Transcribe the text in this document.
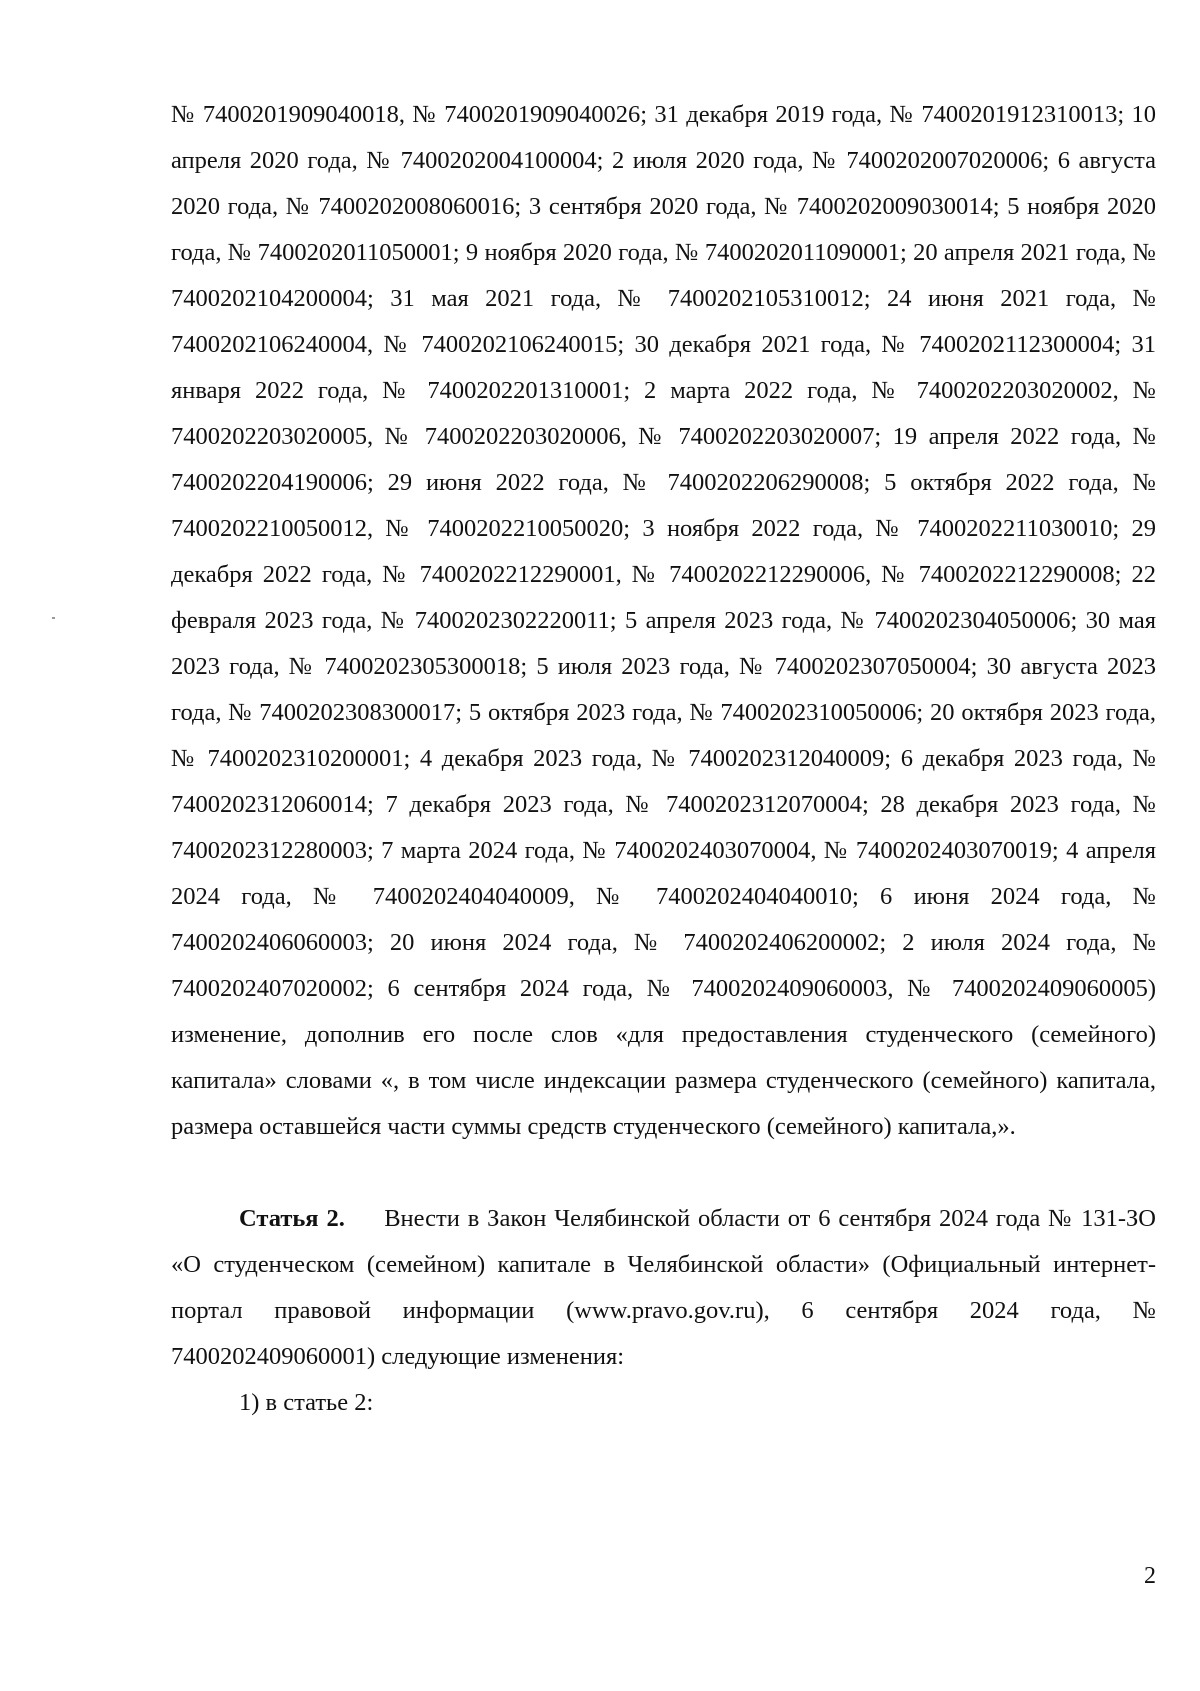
№ 7400201909040018, № 7400201909040026; 31 декабря 2019 года, № 7400201912310013; 10 апреля 2020 года, № 7400202004100004; 2 июля 2020 года, № 7400202007020006; 6 августа 2020 года, № 7400202008060016; 3 сентября 2020 года, № 7400202009030014; 5 ноября 2020 года, № 7400202011050001; 9 ноября 2020 года, № 7400202011090001; 20 апреля 2021 года, № 7400202104200004; 31 мая 2021 года, № 7400202105310012; 24 июня 2021 года, № 7400202106240004, № 7400202106240015; 30 декабря 2021 года, № 7400202112300004; 31 января 2022 года, № 7400202201310001; 2 марта 2022 года, № 7400202203020002, № 7400202203020005, № 7400202203020006, № 7400202203020007; 19 апреля 2022 года, № 7400202204190006; 29 июня 2022 года, № 7400202206290008; 5 октября 2022 года, № 7400202210050012, № 7400202210050020; 3 ноября 2022 года, № 7400202211030010; 29 декабря 2022 года, № 7400202212290001, № 7400202212290006, № 7400202212290008; 22 февраля 2023 года, № 7400202302220011; 5 апреля 2023 года, № 7400202304050006; 30 мая 2023 года, № 7400202305300018; 5 июля 2023 года, № 7400202307050004; 30 августа 2023 года, № 7400202308300017; 5 октября 2023 года, № 7400202310050006; 20 октября 2023 года, № 7400202310200001; 4 декабря 2023 года, № 7400202312040009; 6 декабря 2023 года, № 7400202312060014; 7 декабря 2023 года, № 7400202312070004; 28 декабря 2023 года, № 7400202312280003; 7 марта 2024 года, № 7400202403070004, № 7400202403070019; 4 апреля 2024 года, № 7400202404040009, № 7400202404040010; 6 июня 2024 года, № 7400202406060003; 20 июня 2024 года, № 7400202406200002; 2 июля 2024 года, № 7400202407020002; 6 сентября 2024 года, № 7400202409060003, № 7400202409060005) изменение, дополнив его после слов «для предоставления студенческого (семейного) капитала» словами «, в том числе индексации размера студенческого (семейного) капитала, размера оставшейся части суммы средств студенческого (семейного) капитала,».

Статья 2. Внести в Закон Челябинской области от 6 сентября 2024 года № 131-ЗО «О студенческом (семейном) капитале в Челябинской области» (Официальный интернет-портал правовой информации (www.pravo.gov.ru), 6 сентября 2024 года, № 7400202409060001) следующие изменения:

1) в статье 2:

2
